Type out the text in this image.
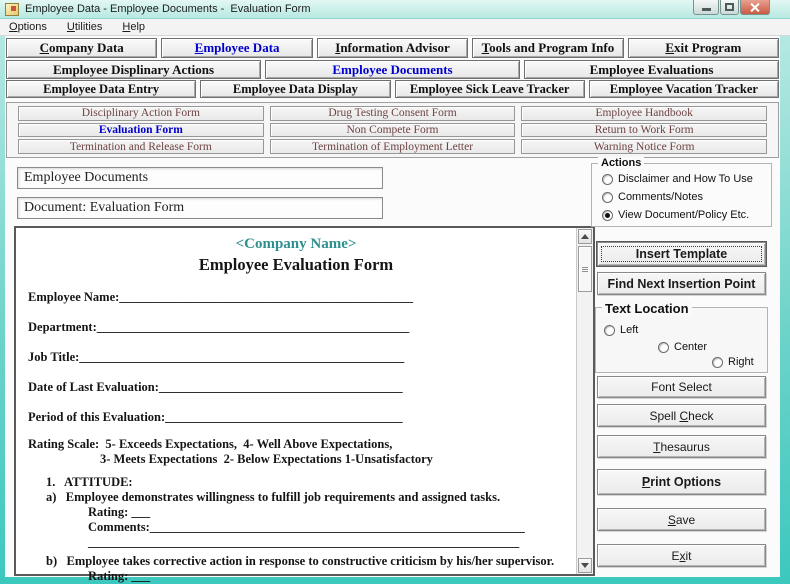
Employee Data - Employee Documents -  Evaluation Form
Options Utilities Help
Company Data	Employee Data	Information Advisor Tools and Program Info	Exit Program
Employee Displinary Actions	Employee Documents	Employee Evaluations
Employee Data Entry	Employee Data Display	Employee Sick Leave Tracker	Employee Vacation Tracker
Disciplinary Action Form	Drug Testing Consent Form	Employee Handbook
Evaluation Form	Non Compete Form	Return to Work Form
Termination and Release Form	Termination of Employment Letter	Warning Notice Form
Employee Documents
Document: Evaluation Form
<Company Name>
Employee Evaluation Form

Employee Name:_______________________________________________

Department:__________________________________________________

Job Title:____________________________________________________

Date of Last Evaluation:_______________________________________

Period of this Evaluation:______________________________________

Rating Scale:  5- Exceeds Expectations,  4- Well Above Expectations,
3- Meets Expectations  2- Below Expectations 1-Unsatisfactory

1.   ATTITUDE:
a)   Employee demonstrates willingness to fulfill job requirements and assigned tasks.
Rating: ___
Comments:____________________________________________________________
_____________________________________________________________________

b)   Employee takes corrective action in response to constructive criticism by his/her supervisor.
Rating: ___
Actions
Disclaimer and How To Use
Comments/Notes
View Document/Policy Etc.
Insert Template
Find Next Insertion Point
Text Location
Left
Center
Right
Font Select
Spell Check
Thesaurus
Print Options
Save
Exit
